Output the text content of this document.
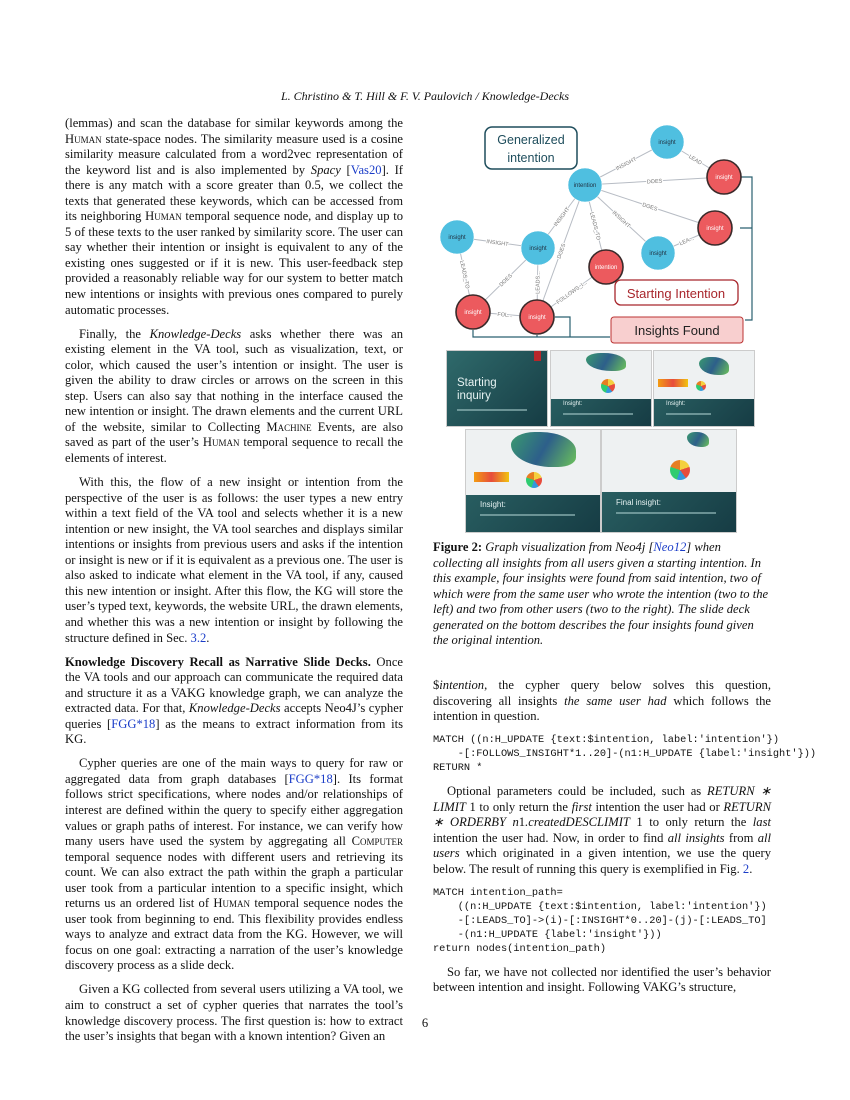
L. Christino & T. Hill & F. V. Paulovich / Knowledge-Decks

(lemmas) and scan the database for similar keywords among the Human state-space nodes. The similarity measure used is a cosine similarity measure calculated from a word2vec representation of the keyword list and is also implemented by Spacy [Vas20]. If there is any match with a score greater than 0.5, we collect the texts that generated these keywords, which can be accessed from its neighboring Human temporal sequence node, and display up to 5 of these texts to the user ranked by similarity score. The user can say whether their intention or insight is equivalent to any of the existing ones suggested or if it is new. This user-feedback step provided a reasonably reliable way for our system to better match new intentions or insights with previous ones compared to purely automatic processes.

Finally, the Knowledge-Decks asks whether there was an existing element in the VA tool, such as visualization, text, or color, which caused the user’s intention or insight. The user is given the ability to draw circles or arrows on the screen in this step. Users can also say that nothing in the interface caused the new intention or insight. The drawn elements and the current URL of the website, similar to Collecting Machine Events, are also saved as part of the user’s Human temporal sequence to recall the elements of interest.

With this, the flow of a new insight or intention from the perspective of the user is as follows: the user types a new entry within a text field of the VA tool and selects whether it is a new intention or new insight, the VA tool searches and displays similar intentions or insights from previous users and asks if the intention or insight is new or if it is equivalent as a previous one. The user is also asked to indicate what element in the VA tool, if any, caused this new intention or insight. After this flow, the KG will store the user’s typed text, keywords, the website URL, the drawn elements, and whether this was a new intention or insight by following the structure defined in Sec. 3.2.

Knowledge Discovery Recall as Narrative Slide Decks. Once the VA tools and our approach can communicate the required data and structure it as a VAKG knowledge graph, we can analyze the extracted data. For that, Knowledge-Decks accepts Neo4J’s cypher queries [FGG*18] as the means to extract information from its KG.

Cypher queries are one of the main ways to query for raw or aggregated data from graph databases [FGG*18]. Its format follows strict specifications, where nodes and/or relationships of interest are defined within the query to specify either aggregation values or graph paths of interest. For instance, we can verify how many users have used the system by aggregating all Computer temporal sequence nodes with different users and retrieving its count. We can also extract the path within the graph a particular user took from a particular intention to a specific insight, which returns us an ordered list of Human temporal sequence nodes the user took from beginning to end. This flexibility provides endless ways to analyze and extract data from the KG. However, we will focus on one goal: extracting a narration of the user’s knowledge discovery process as a slide deck.

Given a KG collected from several users utilizing a VA tool, we aim to construct a set of cypher queries that narrates the tool’s knowledge discovery process. The first question is: how to extract the user’s insights that began with a known intention? Given an

INSIGHT	LEAD
DOES
DOES
INSIGHT
LEA...
LEADS_TO
INSIGHT
DOES
INSIGHT
LEADS_TO	DOES	LEADS...	FOLLOWS_I...
FOL...
intention
insight
insight
insight
insight
intention
insight
insight
insight
insight
Generalized
intention
Starting Intention
Insights Found
Starting inquiry
Insight:	Insight:
Insight:	Final insight:
Figure 2: Graph visualization from Neo4j [Neo12] when collecting all insights from all users given a starting intention. In this example, four insights were found from said intention, two of which were from the same user who wrote the intention (two to the left) and two from other users (two to the right). The slide deck generated on the bottom describes the four insights found given the original intention.

$intention, the cypher query below solves this question, discovering all insights the same user had which follows the intention in question.

MATCH ((n:H_UPDATE {text:$intention, label:'intention'})
-[:FOLLOWS_INSIGHT*1..20]-(n1:H_UPDATE {label:'insight'}))
RETURN *

Optional parameters could be included, such as RETURN ∗ LIMIT 1 to only return the first intention the user had or RETURN ∗ ORDERBY n1.createdDESCLIMIT 1 to only return the last intention the user had. Now, in order to find all insights from all users which originated in a given intention, we use the query below. The result of running this query is exemplified in Fig. 2.

MATCH intention_path=
((n:H_UPDATE {text:$intention, label:'intention'})
-[:LEADS_TO]->(i)-[:INSIGHT*0..20]-(j)-[:LEADS_TO]
-(n1:H_UPDATE {label:'insight'}))
return nodes(intention_path)

So far, we have not collected nor identified the user’s behavior between intention and insight. Following VAKG’s structure,

6
